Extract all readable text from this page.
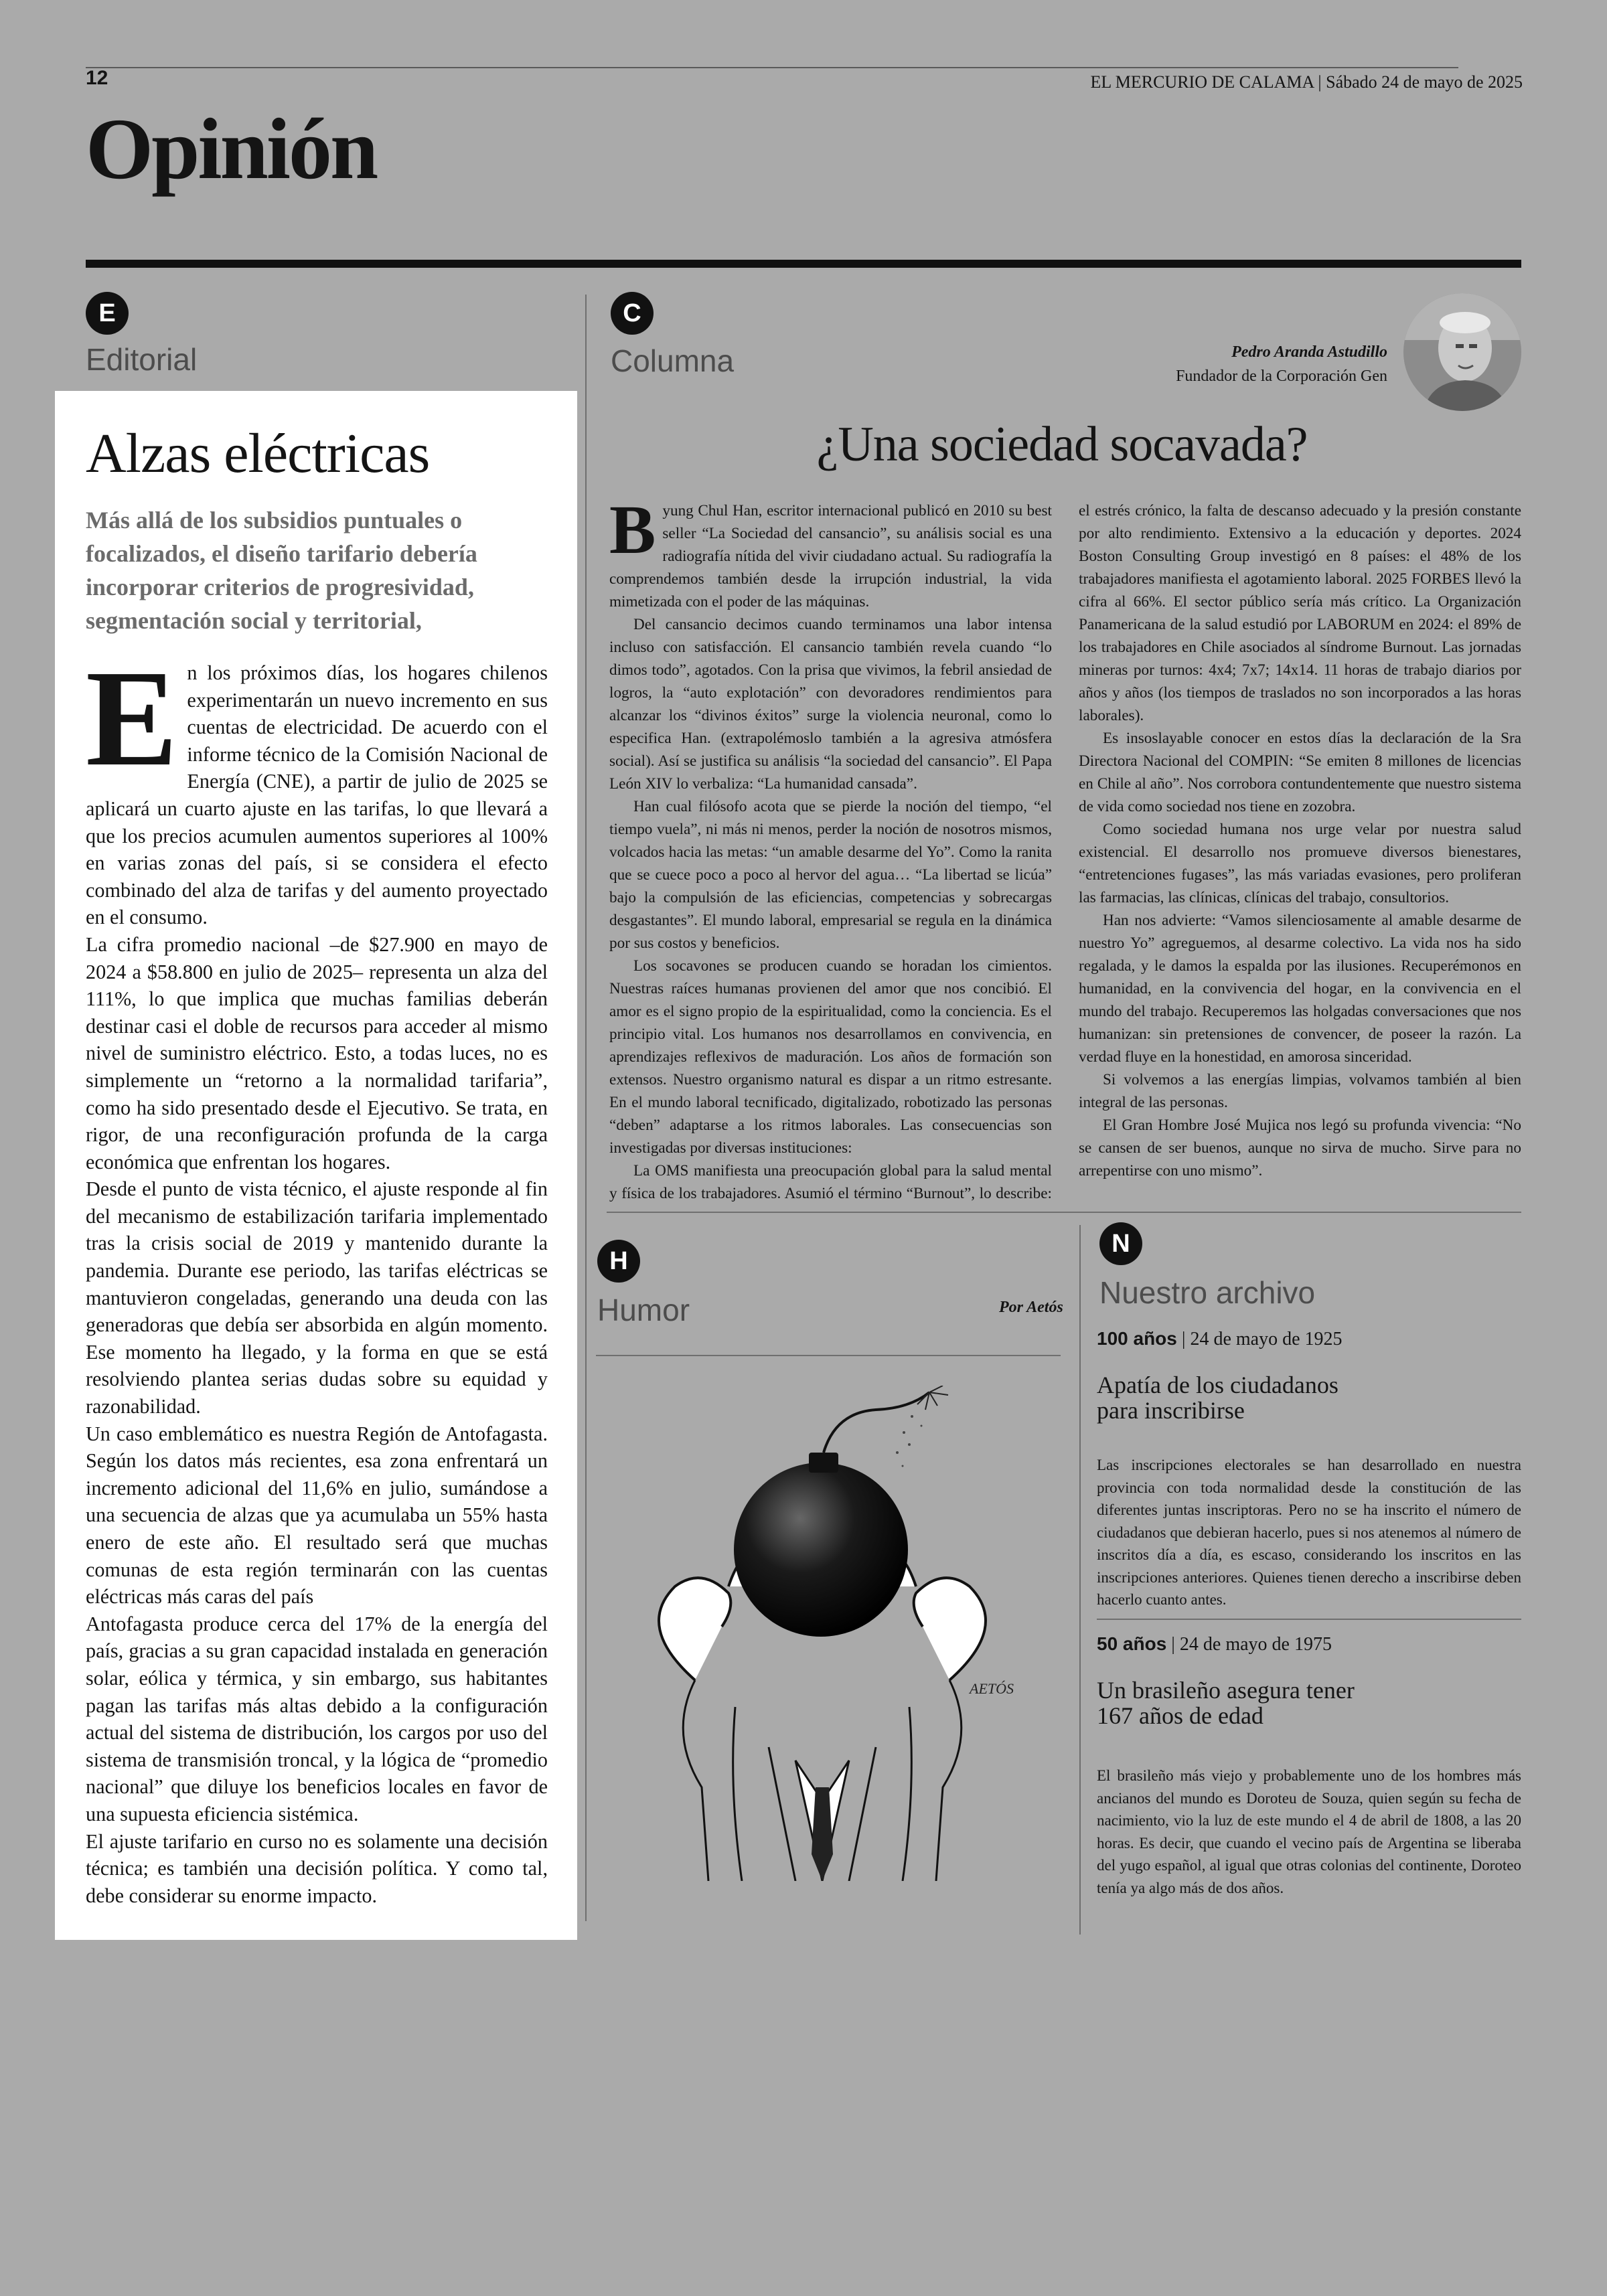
12	EL MERCURIO DE CALAMA | Sábado 24 de mayo de 2025
Opinión
E
Editorial
Alzas eléctricas
Más allá de los subsidios puntuales o focalizados, el diseño tarifario debería incorporar criterios de progresividad, segmentación social y territorial,

En los próximos días, los hogares chilenos experimentarán un nuevo incremento en sus cuentas de electricidad. De acuerdo con el informe técnico de la Comisión Nacional de Energía (CNE), a partir de julio de 2025 se aplicará un cuarto ajuste en las tarifas, lo que llevará a que los precios acumulen aumentos superiores al 100% en varias zonas del país, si se considera el efecto combinado del alza de tarifas y del aumento proyectado en el consumo.

La cifra promedio nacional –de $27.900 en mayo de 2024 a $58.800 en julio de 2025– representa un alza del 111%, lo que implica que muchas familias deberán destinar casi el doble de recursos para acceder al mismo nivel de suministro eléctrico. Esto, a todas luces, no es simplemente un “retorno a la normalidad tarifaria”, como ha sido presentado desde el Ejecutivo. Se trata, en rigor, de una reconfiguración profunda de la carga económica que enfrentan los hogares.

Desde el punto de vista técnico, el ajuste responde al fin del mecanismo de estabilización tarifaria implementado tras la crisis social de 2019 y mantenido durante la pandemia. Durante ese periodo, las tarifas eléctricas se mantuvieron congeladas, generando una deuda con las generadoras que debía ser absorbida en algún momento. Ese momento ha llegado, y la forma en que se está resolviendo plantea serias dudas sobre su equidad y razonabilidad.

Un caso emblemático es nuestra Región de Antofagasta. Según los datos más recientes, esa zona enfrentará un incremento adicional del 11,6% en julio, sumándose a una secuencia de alzas que ya acumulaba un 55% hasta enero de este año. El resultado será que muchas comunas de esta región terminarán con las cuentas eléctricas más caras del país

Antofagasta produce cerca del 17% de la energía del país, gracias a su gran capacidad instalada en generación solar, eólica y térmica, y sin embargo, sus habitantes pagan las tarifas más altas debido a la configuración actual del sistema de distribución, los cargos por uso del sistema de transmisión troncal, y la lógica de “promedio nacional” que diluye los beneficios locales en favor de una supuesta eficiencia sistémica.

El ajuste tarifario en curso no es solamente una decisión técnica; es también una decisión política. Y como tal, debe considerar su enorme impacto.

C
Columna	Pedro Aranda Astudillo
Fundador de la Corporación Gen
¿Una sociedad socavada?

Byung Chul Han, escritor internacional publicó en 2010 su best seller “La Sociedad del cansancio”, su análisis social es una radiografía nítida del vivir ciudadano actual. Su radiografía la comprendemos también desde la irrupción industrial, la vida mimetizada con el poder de las máquinas.

Del cansancio decimos cuando terminamos una labor intensa incluso con satisfacción. El cansancio también revela cuando “lo dimos todo”, agotados. Con la prisa que vivimos, la febril ansiedad de logros, la “auto explotación” con devoradores rendimientos para alcanzar los “divinos éxitos” surge la violencia neuronal, como lo especifica Han. (extrapolémoslo también a la agresiva atmósfera social). Así se justifica su análisis “la sociedad del cansancio”. El Papa León XIV lo verbaliza: “La humanidad cansada”.

Han cual filósofo acota que se pierde la noción del tiempo, “el tiempo vuela”, ni más ni menos, perder la noción de nosotros mismos, volcados hacia las metas: “un amable desarme del Yo”. Como la ranita que se cuece poco a poco al hervor del agua… “La libertad se licúa” bajo la compulsión de las eficiencias, competencias y sobrecargas desgastantes”. El mundo laboral, empresarial se regula en la dinámica por sus costos y beneficios.

Los socavones se producen cuando se horadan los cimientos. Nuestras raíces humanas provienen del amor que nos concibió. El amor es el signo propio de la espiritualidad, como la conciencia. Es el principio vital. Los humanos nos desarrollamos en convivencia, en aprendizajes reflexivos de maduración. Los años de formación son extensos. Nuestro organismo natural es dispar a un ritmo estresante. En el mundo laboral tecnificado, digitalizado, robotizado las personas “deben” adaptarse a los ritmos laborales. Las consecuencias son investigadas por diversas instituciones:

La OMS manifiesta una preocupación global para la salud mental y física de los trabajadores. Asumió el término “Burnout”, lo describe: el estrés crónico, la falta de descanso adecuado y la presión constante por alto rendimiento. Extensivo a la educación y deportes. 2024 Boston Consulting Group investigó en 8 países: el 48% de los trabajadores manifiesta el agotamiento laboral. 2025 FORBES llevó la cifra al 66%. El sector público sería más crítico. La Organización Panamericana de la salud estudió por LABORUM en 2024: el 89% de los trabajadores en Chile asociados al síndrome Burnout. Las jornadas mineras por turnos: 4x4; 7x7; 14x14. 11 horas de trabajo diarios por años y años (los tiempos de traslados no son incorporados a las horas laborales).

Es insoslayable conocer en estos días la declaración de la Sra Directora Nacional del COMPIN: “Se emiten 8 millones de licencias en Chile al año”. Nos corrobora contundentemente que nuestro sistema de vida como sociedad nos tiene en zozobra.

Como sociedad humana nos urge velar por nuestra salud existencial. El desarrollo nos promueve diversos bienestares, “entretenciones fugases”, las más variadas evasiones, pero proliferan las farmacias, las clínicas, clínicas del trabajo, consultorios.

Han nos advierte: “Vamos silenciosamente al amable desarme de nuestro Yo” agreguemos, al desarme colectivo. La vida nos ha sido regalada, y le damos la espalda por las ilusiones. Recuperémonos en humanidad, en la convivencia del hogar, en la convivencia en el mundo del trabajo. Recuperemos las holgadas conversaciones que nos humanizan: sin pretensiones de convencer, de poseer la razón. La verdad fluye en la honestidad, en amorosa sinceridad.

Si volvemos a las energías limpias, volvamos también al bien integral de las personas.

El Gran Hombre José Mujica nos legó su profunda vivencia: “No se cansen de ser buenos, aunque no sirva de mucho. Sirve para no arrepentirse con uno mismo”.

H
Humor	Por Aetós
AETÓS
N
Nuestro archivo
100 años | 24 de mayo de 1925
Apatía de los ciudadanos
para inscribirse
Las inscripciones electorales se han desarrollado en nuestra provincia con toda normalidad desde la constitución de las diferentes juntas inscriptoras. Pero no se ha inscrito el número de ciudadanos que debieran hacerlo, pues si nos atenemos al número de inscritos día a día, es escaso, considerando los inscritos en las inscripciones anteriores. Quienes tienen derecho a inscribirse deben hacerlo cuanto antes.
50 años | 24 de mayo de 1975
Un brasileño asegura tener
167 años de edad
El brasileño más viejo y probablemente uno de los hombres más ancianos del mundo es Doroteu de Souza, quien según su fecha de nacimiento, vio la luz de este mundo el 4 de abril de 1808, a las 20 horas. Es decir, que cuando el vecino país de Argentina se liberaba del yugo español, al igual que otras colonias del continente, Doroteo tenía ya algo más de dos años.
